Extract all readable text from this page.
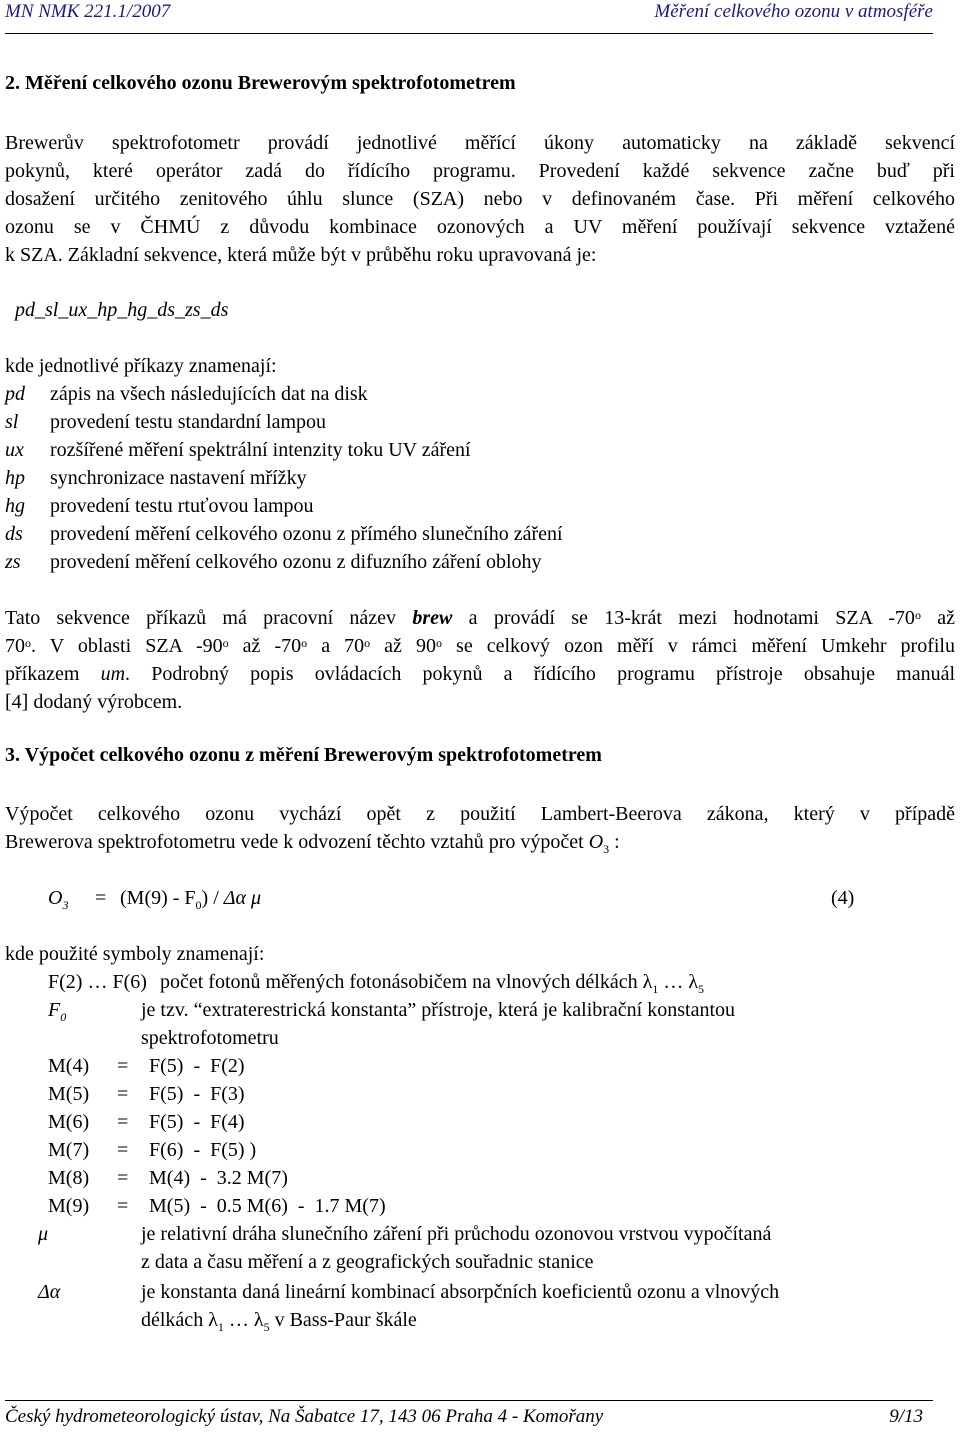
MN NMK 221.1/2007	Měření celkového ozonu v atmosféře
2. Měření celkového ozonu Brewerovým spektrofotometrem
Brewerův spektrofotometr provádí jednotlivé měřící úkony automaticky na základě sekvencí
pokynů, které operátor zadá do řídícího programu. Provedení každé sekvence začne buď při
dosažení určitého zenitového úhlu slunce (SZA) nebo v definovaném čase. Při měření celkového
ozonu se v ČHMÚ z důvodu kombinace ozonových a UV měření používají sekvence vztažené
k SZA. Základní sekvence, která může být v průběhu roku upravovaná je:
pd_sl_ux_hp_hg_ds_zs_ds
kde jednotlivé příkazy znamenají:
pd zápis na všech následujících dat na disk
sl provedení testu standardní lampou
ux rozšířené měření spektrální intenzity toku UV záření
hp synchronizace nastavení mřížky
hg provedení testu rtuťovou lampou
ds provedení měření celkového ozonu z přímého slunečního záření
zs provedení měření celkového ozonu z difuzního záření oblohy
Tato sekvence příkazů má pracovní název brew a provádí se 13-krát mezi hodnotami SZA -70$^o$ až
70$^o$. V oblasti SZA -90$^o$ až -70$^o$ a 70$^o$ až 90$^o$ se celkový ozon měří v rámci měření Umkehr profilu
příkazem um. Podrobný popis ovládacích pokynů a řídícího programu přístroje obsahuje manuál
[4] dodaný výrobcem.
3. Výpočet celkového ozonu z měření Brewerovým spektrofotometrem
Výpočet celkového ozonu vychází opět z použití Lambert-Beerova zákona, který v případě
Brewerova spektrofotometru vede k odvození těchto vztahů pro výpočet $O_3$ :
$O_3 = (M(9) - F_0) / \Delta\alpha$ μ	(4)
kde použité symboly znamenají:
F(2) … F(6) počet fotonů měřených fotonásobičem na vlnových délkách $\lambda_1$ … $\lambda_5$
$F_0$	je tzv. “extraterestrická konstanta” přístroje, která je kalibrační konstantou
spektrofotometru
M(4) = F(5)  -  F(2)
M(5) = F(5)  -  F(3)
M(6) = F(5)  -  F(4)
M(7) = F(6)  -  F(5) )
M(8) = M(4)  -  3.2 M(7)
M(9) = M(5)  -  0.5 M(6)  -  1.7 M(7)
μ	je relativní dráha slunečního záření při průchodu ozonovou vrstvou vypočítaná
z data a času měření a z geografických souřadnic stanice
Δα	je konstanta daná lineární kombinací absorpčních koeficientů ozonu a vlnových
délkách $\lambda_1$ … $\lambda_5$ v Bass-Paur škále
Český hydrometeorologický ústav, Na Šabatce 17, 143 06 Praha 4 - Komořany	9/13
